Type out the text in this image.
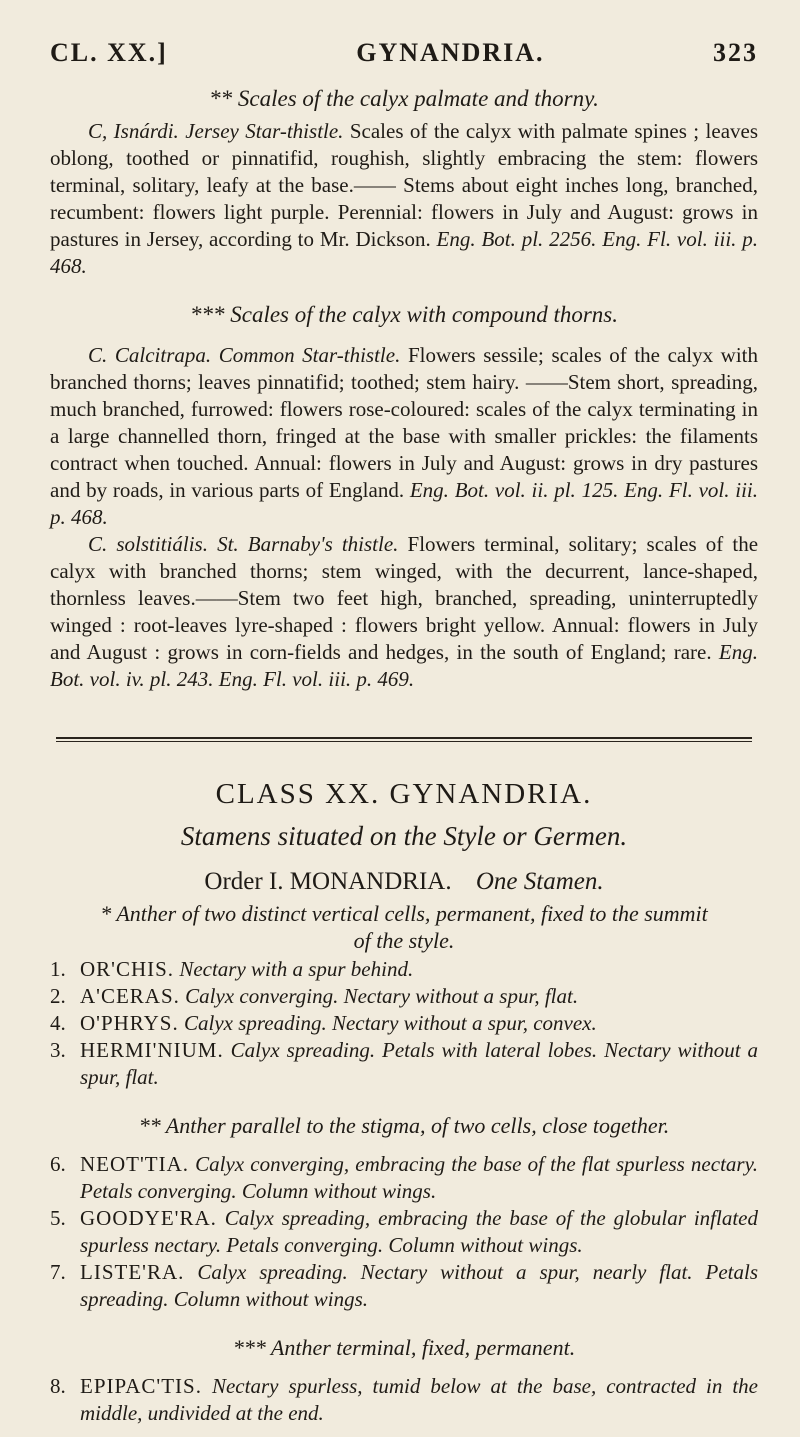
CL. XX.]	GYNANDRIA.	323
** Scales of the calyx palmate and thorny.

C, Isnárdi. Jersey Star-thistle. Scales of the calyx with palmate spines ; leaves oblong, toothed or pinnatifid, roughish, slightly embracing the stem: flowers terminal, solitary, leafy at the base.—— Stems about eight inches long, branched, recumbent: flowers light purple. Perennial: flowers in July and August: grows in pastures in Jersey, according to Mr. Dickson. Eng. Bot. pl. 2256. Eng. Fl. vol. iii. p. 468.

*** Scales of the calyx with compound thorns.

C. Calcitrapa. Common Star-thistle. Flowers sessile; scales of the calyx with branched thorns; leaves pinnatifid; toothed; stem hairy. ——Stem short, spreading, much branched, furrowed: flowers rose-coloured: scales of the calyx terminating in a large channelled thorn, fringed at the base with smaller prickles: the filaments contract when touched. Annual: flowers in July and August: grows in dry pastures and by roads, in various parts of England. Eng. Bot. vol. ii. pl. 125. Eng. Fl. vol. iii. p. 468.

C. solstitiális. St. Barnaby's thistle. Flowers terminal, solitary; scales of the calyx with branched thorns; stem winged, with the decurrent, lance-shaped, thornless leaves.——Stem two feet high, branched, spreading, uninterruptedly winged : root-leaves lyre-shaped : flowers bright yellow. Annual: flowers in July and August : grows in corn-fields and hedges, in the south of England; rare. Eng. Bot. vol. iv. pl. 243. Eng. Fl. vol. iii. p. 469.

CLASS XX. GYNANDRIA.
Stamens situated on the Style or Germen.
Order I. MONANDRIA. One Stamen.
* Anther of two distinct vertical cells, permanent, fixed to the summit of the style.
1. OR'CHIS. Nectary with a spur behind.
2. A'CERAS. Calyx converging. Nectary without a spur, flat.
4. O'PHRYS. Calyx spreading. Nectary without a spur, convex.
3. HERMI'NIUM. Calyx spreading. Petals with lateral lobes. Nectary without a spur, flat.
** Anther parallel to the stigma, of two cells, close together.
6. NEOT'TIA. Calyx converging, embracing the base of the flat spurless nectary. Petals converging. Column without wings.
5. GOODYE'RA. Calyx spreading, embracing the base of the globular inflated spurless nectary. Petals converging. Column without wings.
7. LISTE'RA. Calyx spreading. Nectary without a spur, nearly flat. Petals spreading. Column without wings.
*** Anther terminal, fixed, permanent.
8. EPIPAC'TIS. Nectary spurless, tumid below at the base, contracted in the middle, undivided at the end.
